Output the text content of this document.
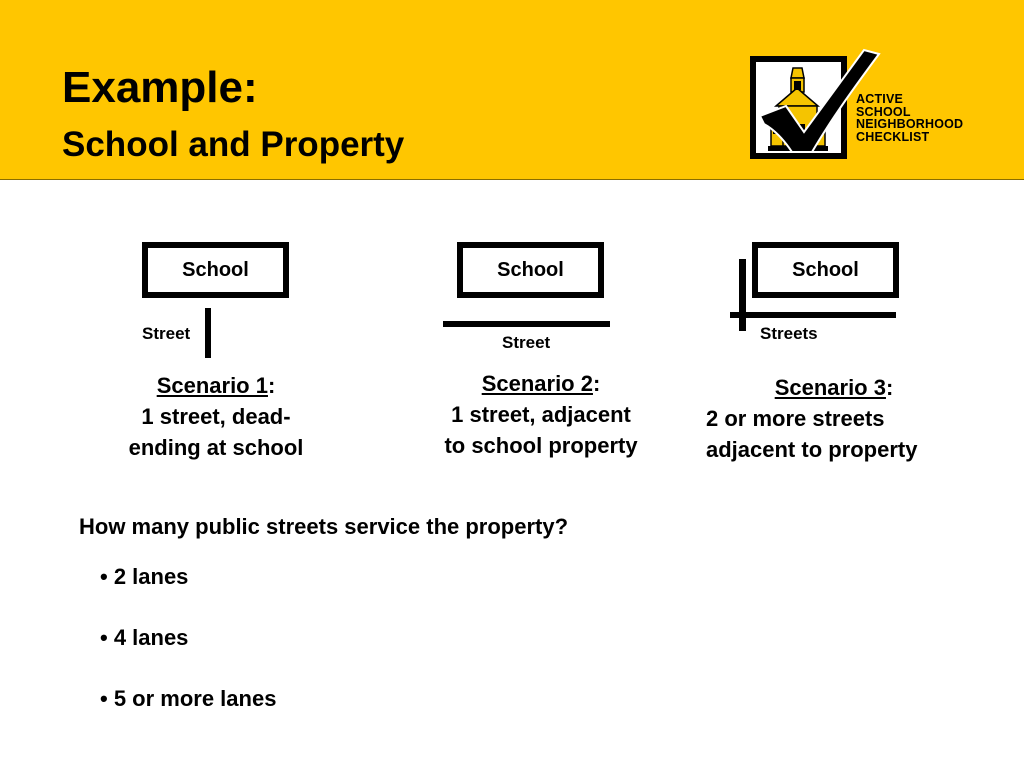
Example:
School and Property
ACTIVE
SCHOOL
NEIGHBORHOOD
CHECKLIST
School
Street
School
Street
School
Streets
Scenario 1:
1 street, dead-
ending at school
Scenario 2:
1 street, adjacent
to school property
Scenario 3:
2 or more streets
adjacent to property
How many public streets service the property?
• 2 lanes
• 4 lanes
• 5 or more lanes
